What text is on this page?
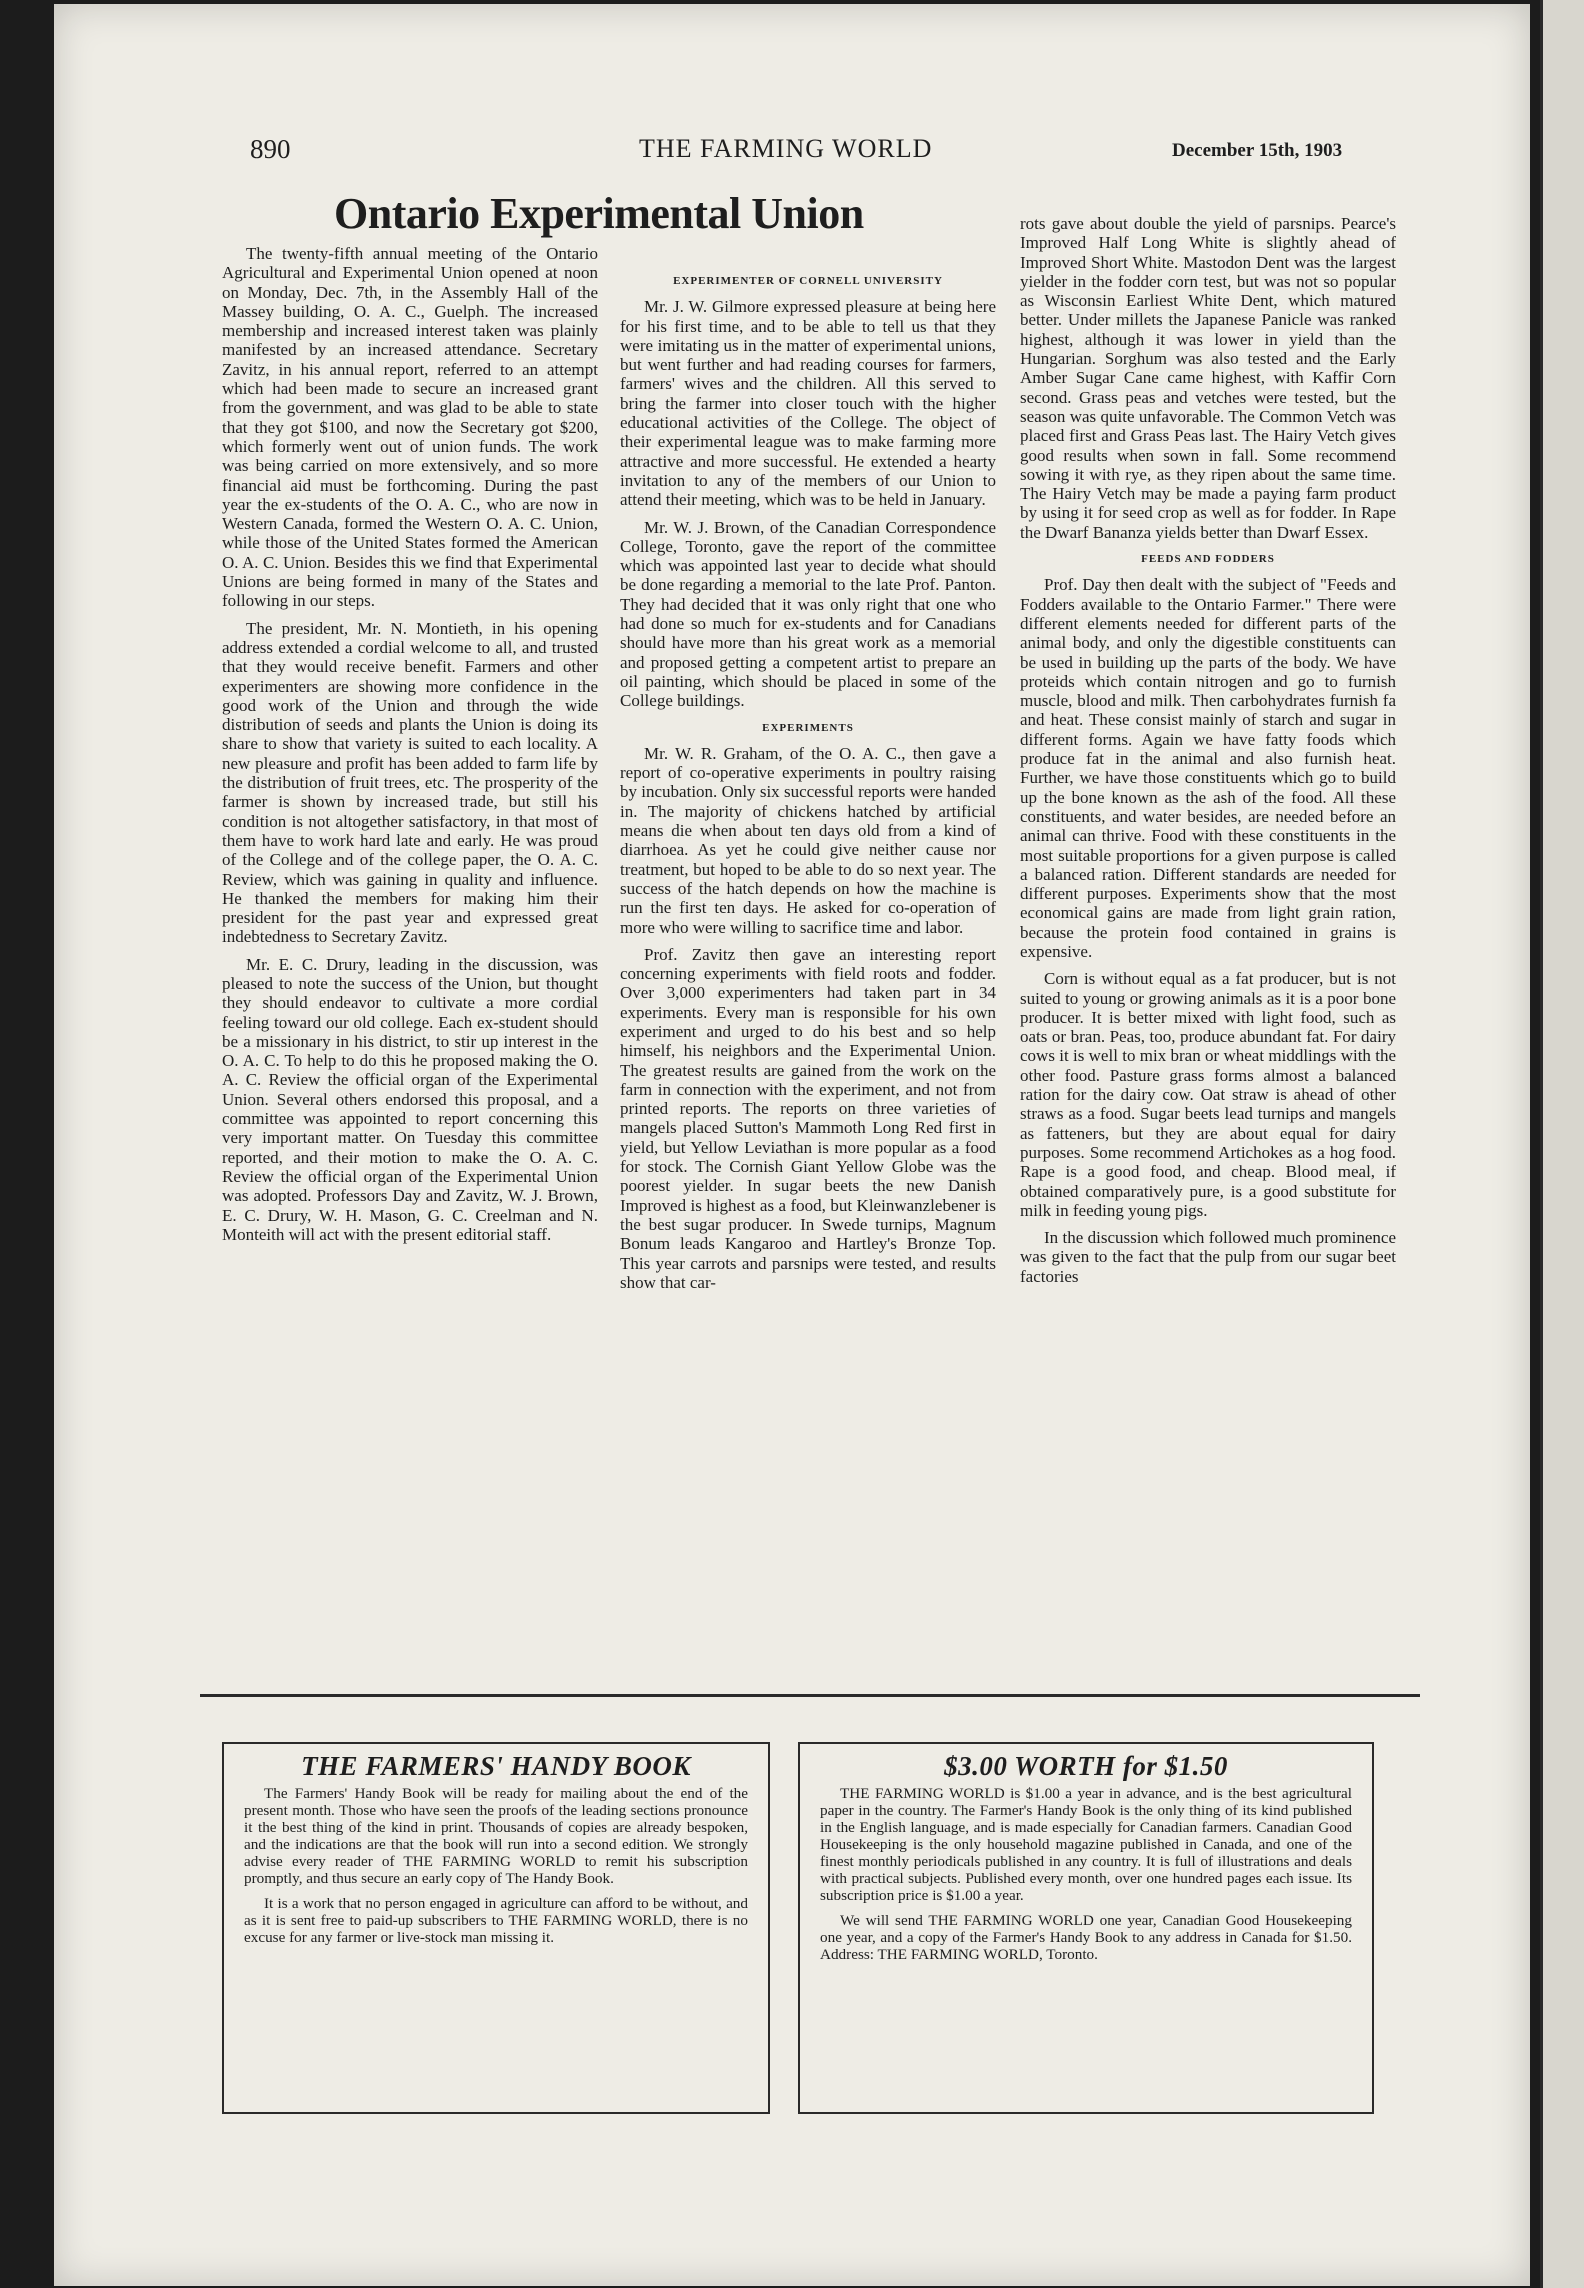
890	THE FARMING WORLD	December 15th, 1903
Ontario Experimental Union

The twenty-fifth annual meeting of the Ontario Agricultural and Experimental Union opened at noon on Monday, Dec. 7th, in the Assembly Hall of the Massey building, O. A. C., Guelph. The increased membership and increased interest taken was plainly manifested by an increased attendance. Secretary Zavitz, in his annual report, referred to an attempt which had been made to secure an increased grant from the government, and was glad to be able to state that they got $100, and now the Secretary got $200, which formerly went out of union funds. The work was being carried on more extensively, and so more financial aid must be forthcoming. During the past year the ex-students of the O. A. C., who are now in Western Canada, formed the Western O. A. C. Union, while those of the United States formed the American O. A. C. Union. Besides this we find that Experimental Unions are being formed in many of the States and following in our steps.

The president, Mr. N. Montieth, in his opening address extended a cordial welcome to all, and trusted that they would receive benefit. Farmers and other experimenters are showing more confidence in the good work of the Union and through the wide distribution of seeds and plants the Union is doing its share to show that variety is suited to each locality. A new pleasure and profit has been added to farm life by the distribution of fruit trees, etc. The prosperity of the farmer is shown by increased trade, but still his condition is not altogether satisfactory, in that most of them have to work hard late and early. He was proud of the College and of the college paper, the O. A. C. Review, which was gaining in quality and influence. He thanked the members for making him their president for the past year and expressed great indebtedness to Secretary Zavitz.

Mr. E. C. Drury, leading in the discussion, was pleased to note the success of the Union, but thought they should endeavor to cultivate a more cordial feeling toward our old college. Each ex-student should be a missionary in his district, to stir up interest in the O. A. C. To help to do this he proposed making the O. A. C. Review the official organ of the Experimental Union. Several others endorsed this proposal, and a committee was appointed to report concerning this very important matter. On Tuesday this committee reported, and their motion to make the O. A. C. Review the official organ of the Experimental Union was adopted. Professors Day and Zavitz, W. J. Brown, E. C. Drury, W. H. Mason, G. C. Creelman and N. Monteith will act with the present editorial staff.

EXPERIMENTER OF CORNELL UNIVERSITY

Mr. J. W. Gilmore expressed pleasure at being here for his first time, and to be able to tell us that they were imitating us in the matter of experimental unions, but went further and had reading courses for farmers, farmers' wives and the children. All this served to bring the farmer into closer touch with the higher educational activities of the College. The object of their experimental league was to make farming more attractive and more successful. He extended a hearty invitation to any of the members of our Union to attend their meeting, which was to be held in January.

Mr. W. J. Brown, of the Canadian Correspondence College, Toronto, gave the report of the committee which was appointed last year to decide what should be done regarding a memorial to the late Prof. Panton. They had decided that it was only right that one who had done so much for ex-students and for Canadians should have more than his great work as a memorial and proposed getting a competent artist to prepare an oil painting, which should be placed in some of the College buildings.

EXPERIMENTS

Mr. W. R. Graham, of the O. A. C., then gave a report of co-operative experiments in poultry raising by incubation. Only six successful reports were handed in. The majority of chickens hatched by artificial means die when about ten days old from a kind of diarrhoea. As yet he could give neither cause nor treatment, but hoped to be able to do so next year. The success of the hatch depends on how the machine is run the first ten days. He asked for co-operation of more who were willing to sacrifice time and labor.

Prof. Zavitz then gave an interesting report concerning experiments with field roots and fodder. Over 3,000 experimenters had taken part in 34 experiments. Every man is responsible for his own experiment and urged to do his best and so help himself, his neighbors and the Experimental Union. The greatest results are gained from the work on the farm in connection with the experiment, and not from printed reports. The reports on three varieties of mangels placed Sutton's Mammoth Long Red first in yield, but Yellow Leviathan is more popular as a food for stock. The Cornish Giant Yellow Globe was the poorest yielder. In sugar beets the new Danish Improved is highest as a food, but Kleinwanzlebener is the best sugar producer. In Swede turnips, Magnum Bonum leads Kangaroo and Hartley's Bronze Top. This year carrots and parsnips were tested, and results show that car-

rots gave about double the yield of parsnips. Pearce's Improved Half Long White is slightly ahead of Improved Short White. Mastodon Dent was the largest yielder in the fodder corn test, but was not so popular as Wisconsin Earliest White Dent, which matured better. Under millets the Japanese Panicle was ranked highest, although it was lower in yield than the Hungarian. Sorghum was also tested and the Early Amber Sugar Cane came highest, with Kaffir Corn second. Grass peas and vetches were tested, but the season was quite unfavorable. The Common Vetch was placed first and Grass Peas last. The Hairy Vetch gives good results when sown in fall. Some recommend sowing it with rye, as they ripen about the same time. The Hairy Vetch may be made a paying farm product by using it for seed crop as well as for fodder. In Rape the Dwarf Bananza yields better than Dwarf Essex.

FEEDS AND FODDERS

Prof. Day then dealt with the subject of "Feeds and Fodders available to the Ontario Farmer." There were different elements needed for different parts of the animal body, and only the digestible constituents can be used in building up the parts of the body. We have proteids which contain nitrogen and go to furnish muscle, blood and milk. Then carbohydrates furnish fa and heat. These consist mainly of starch and sugar in different forms. Again we have fatty foods which produce fat in the animal and also furnish heat. Further, we have those constituents which go to build up the bone known as the ash of the food. All these constituents, and water besides, are needed before an animal can thrive. Food with these constituents in the most suitable proportions for a given purpose is called a balanced ration. Different standards are needed for different purposes. Experiments show that the most economical gains are made from light grain ration, because the protein food contained in grains is expensive.

Corn is without equal as a fat producer, but is not suited to young or growing animals as it is a poor bone producer. It is better mixed with light food, such as oats or bran. Peas, too, produce abundant fat. For dairy cows it is well to mix bran or wheat middlings with the other food. Pasture grass forms almost a balanced ration for the dairy cow. Oat straw is ahead of other straws as a food. Sugar beets lead turnips and mangels as fatteners, but they are about equal for dairy purposes. Some recommend Artichokes as a hog food. Rape is a good food, and cheap. Blood meal, if obtained comparatively pure, is a good substitute for milk in feeding young pigs.

In the discussion which followed much prominence was given to the fact that the pulp from our sugar beet factories

THE FARMERS' HANDY BOOK

The Farmers' Handy Book will be ready for mailing about the end of the present month. Those who have seen the proofs of the leading sections pronounce it the best thing of the kind in print. Thousands of copies are already bespoken, and the indications are that the book will run into a second edition. We strongly advise every reader of THE FARMING WORLD to remit his subscription promptly, and thus secure an early copy of The Handy Book.

It is a work that no person engaged in agriculture can afford to be without, and as it is sent free to paid-up subscribers to THE FARMING WORLD, there is no excuse for any farmer or live-stock man missing it.

$3.00 WORTH for $1.50

THE FARMING WORLD is $1.00 a year in advance, and is the best agricultural paper in the country. The Farmer's Handy Book is the only thing of its kind published in the English language, and is made especially for Canadian farmers. Canadian Good Housekeeping is the only household magazine published in Canada, and one of the finest monthly periodicals published in any country. It is full of illustrations and deals with practical subjects. Published every month, over one hundred pages each issue. Its subscription price is $1.00 a year.

We will send THE FARMING WORLD one year, Canadian Good Housekeeping one year, and a copy of the Farmer's Handy Book to any address in Canada for $1.50. Address: THE FARMING WORLD, Toronto.
